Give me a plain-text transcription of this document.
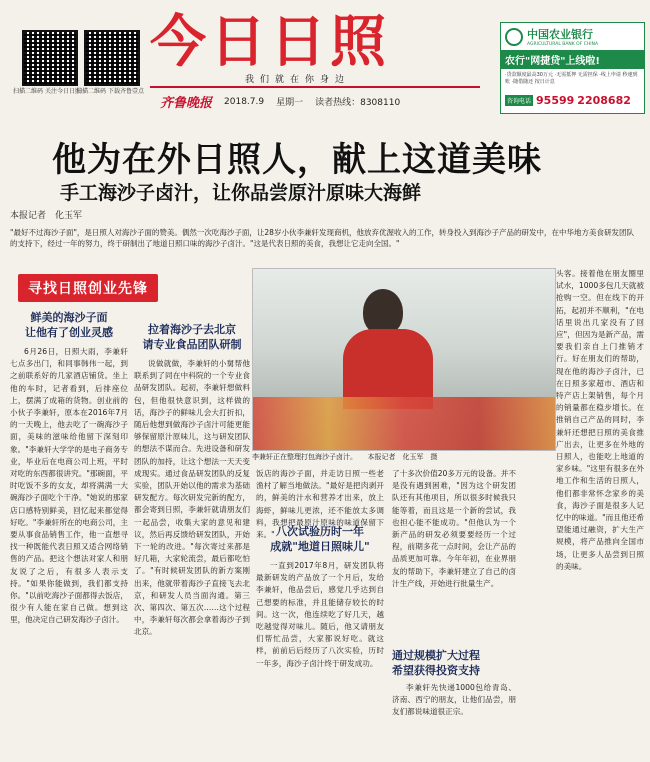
扫描二维码 关注今日日照
扫描二维码 下载齐鲁壹点
今日日照
我们就在你身边
齐鲁晚报 2018.7.9 星期一 读者热线：8308110
中国农业银行
AGRICULTURAL BANK OF CHINA
农行"网捷贷"上线啦!
·贷款额度最高30万元 ·无需抵押 无需担保 ·线上申请 秒速到账 ·随借随还 按日计息
咨询电话 95599 2208682
他为在外日照人，献上这道美味
手工海沙子卤汁，让你品尝原汁原味大海鲜
本报记者　化玉军
"最好不过海沙子面"，是日照人对海沙子面的赞美。偶然一次吃海沙子面，让28岁小伙李兼轩发现商机，他放弃优渥收入的工作，转身投入到海沙子产品的研发中，在中华地方美食研发团队的支持下，经过一年的努力，终于研制出了地道日照口味的海沙子卤汁。"这是代表日照的美食，我想让它走向全国。"
寻找日照创业先锋
李兼轩正在整理打包海沙子卤汁。　　本报记者　化玉军　摄
鲜美的海沙子面
让他有了创业灵感
6月26日，日照大雨，李兼轩七点多出门，和同事韩伟一起，到之前联系好的几家酒店铺货。坐上他的车时，记者看到，后排座位上，摆满了成箱的货物。创业前的小伙子李兼轩，原本在2016年7月的一天晚上，他去吃了一碗海沙子面，美味的滋味给他留下深刻印象。"李兼轩大学学的是电子商务专业，毕业后在电商公司上班，平时对吃的东西都很讲究。"那碗面，平时吃饭不多的女友，却将满满一大碗海沙子面吃个干净。"她说的那家店口感特别鲜美，回忆起来都觉得好吃。"李兼轩所在的电商公司，主要从事食品销售工作，他一直想寻找一种既能代表日照又适合网络销售的产品。把这个想法对家人和朋友说了之后，有很多人表示支持。"如果你能做到，我们都支持你。"以前吃海沙子面都得去饭店，很少有人能在家自己做。想到这里，他决定自己研发海沙子卤汁。
拉着海沙子去北京
请专业食品团队研制
说做就做，李兼轩的小舅帮他联系到了同在中科院的一个专业食品研发团队。起初，李兼轩想做料包，但他很快意识到，这样做的话，海沙子的鲜味儿会大打折扣，随后他想到做海沙子卤汁可能更能够保留原汁原味儿，这与研发团队的想法不谋而合。先进设备和研发团队的加持，让这个想法一天天变成现实。通过食品研发团队的反复实验，团队开始以他的需求为基础研发配方。每次研发完新的配方，都会寄到日照，李兼轩就请朋友们一起品尝，收集大家的意见和建议，然后再反馈给研发团队，开始下一轮的改进。"每次寄过来都是好几箱，大家轮流尝，最后都吃怕了。"有时候研发团队的新方案刚出来，他就带着海沙子直接飞去北京，和研发人员当面沟通。第三次、第四次、第五次……这个过程中，李兼轩每次都会拿着海沙子到北京。
饭店的海沙子面，并走访日照一些老渔村了解当地做法。"最好是把肉剥开的，鲜美的汁水和营养才出来，放上海虾，鲜味儿更浓，还不能放太多调料，我想把最原汁原味的味道保留下来。" 八次试验历时一年
成就"地道日照味儿"
一直到2017年8月，研发团队将最新研发的产品放了一个月后，发给李兼轩，他品尝后，感觉几乎达到自己想要的标准，并且能储存较长的时间。这一次，他连续吃了好几天，越吃越觉得对味儿。随后，他又请朋友们帮忙品尝，大家都说好吃。就这样，前前后后经历了八次实验，历时一年多，海沙子卤汁终于研发成功。
了十多次价值20多万元的设备。并不是没有遇到困难，"因为这个研发团队还有其他项目，所以很多时候我只能等着，而且这是一个新的尝试，我也担心能不能成功。"但他认为一个新产品的研发必须要要经历一个过程，前期多花一点时间，会让产品的品质更加可靠。今年年初，在业界朋友的帮助下，李兼轩建立了自己的卤汁生产线，开始进行批量生产。
通过规模扩大过程
希望获得投资支持
李兼轩先快递1000包给青岛、济南、西宁的朋友，让他们品尝，朋友们都说味道很正宗。
头客。接着他在朋友圈里试水，1000多包几天就被抢购一空。但在线下的开拓，起初并不顺利，"在电话里说出几家没有了回应"，但因为是新产品，需要我们亲自上门推销才行。好在朋友们的帮助，现在他的海沙子卤汁，已在日照多家超市、酒店和特产店上架销售，每个月的销量都在稳步增长。在推销自己产品的同时，李兼轩还想把日照的美食推广出去，让更多在外地的日照人，也能吃上地道的家乡味。"这里有很多在外地工作和生活的日照人，他们都非常怀念家乡的美食，海沙子面是很多人记忆中的味道。"而且他还希望能通过融资，扩大生产规模，将产品推向全国市场，让更多人品尝到日照的美味。
